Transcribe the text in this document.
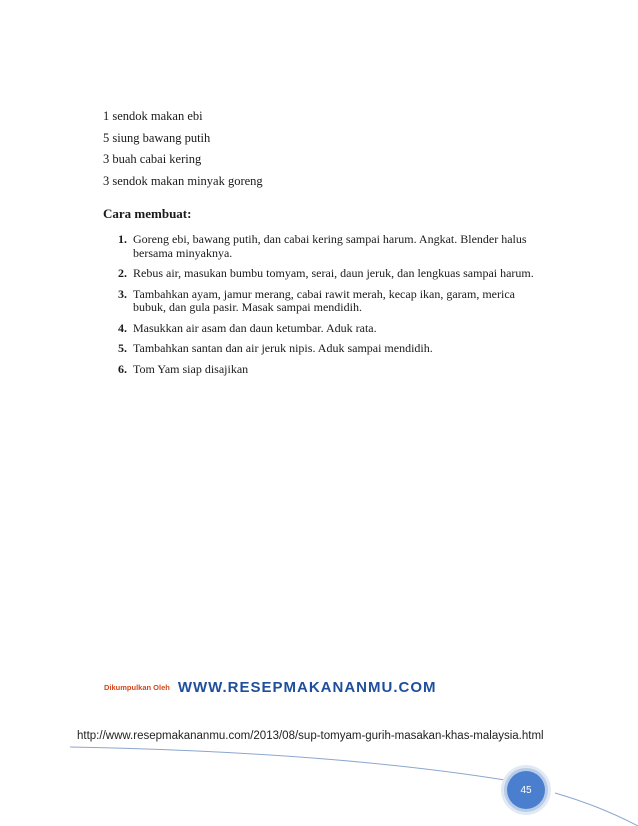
1 sendok makan ebi
5 siung bawang putih
3 buah cabai kering
3 sendok makan minyak goreng
Cara membuat:
1. Goreng ebi, bawang putih, dan cabai kering sampai harum. Angkat. Blender halus bersama minyaknya.
2. Rebus air, masukan bumbu tomyam, serai, daun jeruk, dan lengkuas sampai harum.
3. Tambahkan ayam, jamur merang, cabai rawit merah, kecap ikan, garam, merica bubuk, dan gula pasir. Masak sampai mendidih.
4. Masukkan air asam dan daun ketumbar. Aduk rata.
5. Tambahkan santan dan air jeruk nipis. Aduk sampai mendidih.
6. Tom Yam siap disajikan
Dikumpulkan Oleh WWW.RESEPMAKANANMU.COM
http://www.resepmakananmu.com/2013/08/sup-tomyam-gurih-masakan-khas-malaysia.html
45
